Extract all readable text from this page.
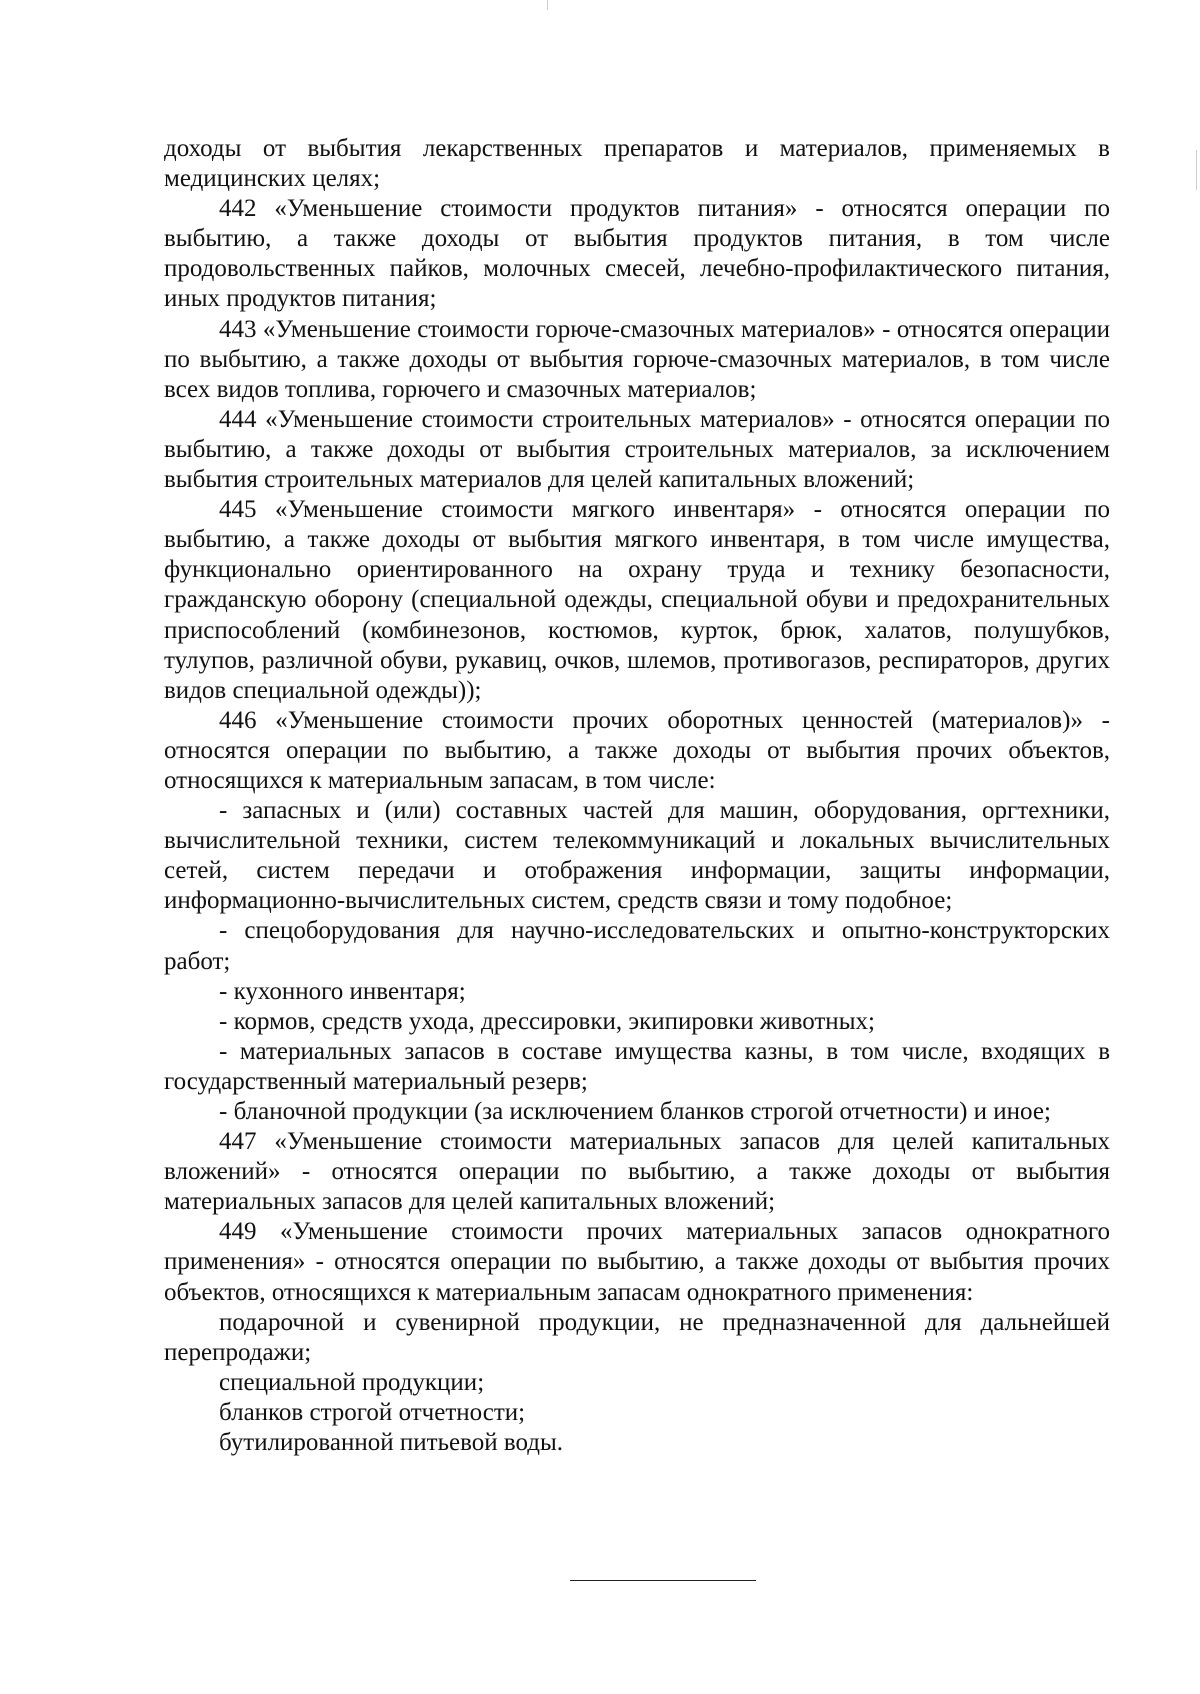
доходы от выбытия лекарственных препаратов и материалов, применяемых в медицинских целях;

442 «Уменьшение стоимости продуктов питания» - относятся операции по выбытию, а также доходы от выбытия продуктов питания, в том числе продовольственных пайков, молочных смесей, лечебно-профилактического питания, иных продуктов питания;

443 «Уменьшение стоимости горюче-смазочных материалов» - относятся операции по выбытию, а также доходы от выбытия горюче-смазочных материалов, в том числе всех видов топлива, горючего и смазочных материалов;

444 «Уменьшение стоимости строительных материалов» - относятся операции по выбытию, а также доходы от выбытия строительных материалов, за исключением выбытия строительных материалов для целей капитальных вложений;

445 «Уменьшение стоимости мягкого инвентаря» - относятся операции по выбытию, а также доходы от выбытия мягкого инвентаря, в том числе имущества, функционально ориентированного на охрану труда и технику безопасности, гражданскую оборону (специальной одежды, специальной обуви и предохранительных приспособлений (комбинезонов, костюмов, курток, брюк, халатов, полушубков, тулупов, различной обуви, рукавиц, очков, шлемов, противогазов, респираторов, других видов специальной одежды));

446 «Уменьшение стоимости прочих оборотных ценностей (материалов)» - относятся операции по выбытию, а также доходы от выбытия прочих объектов, относящихся к материальным запасам, в том числе:

- запасных и (или) составных частей для машин, оборудования, оргтехники, вычислительной техники, систем телекоммуникаций и локальных вычислительных сетей, систем передачи и отображения информации, защиты информации, информационно-вычислительных систем, средств связи и тому подобное;

- спецоборудования для научно-исследовательских и опытно-конструкторских работ;

- кухонного инвентаря;

- кормов, средств ухода, дрессировки, экипировки животных;

- материальных запасов в составе имущества казны, в том числе, входящих в государственный материальный резерв;

- бланочной продукции (за исключением бланков строгой отчетности) и иное;

447 «Уменьшение стоимости материальных запасов для целей капитальных вложений» - относятся операции по выбытию, а также доходы от выбытия материальных запасов для целей капитальных вложений;

449 «Уменьшение стоимости прочих материальных запасов однократного применения» - относятся операции по выбытию, а также доходы от выбытия прочих объектов, относящихся к материальным запасам однократного применения:

подарочной и сувенирной продукции, не предназначенной для дальнейшей перепродажи;

специальной продукции;

бланков строгой отчетности;

бутилированной питьевой воды.
